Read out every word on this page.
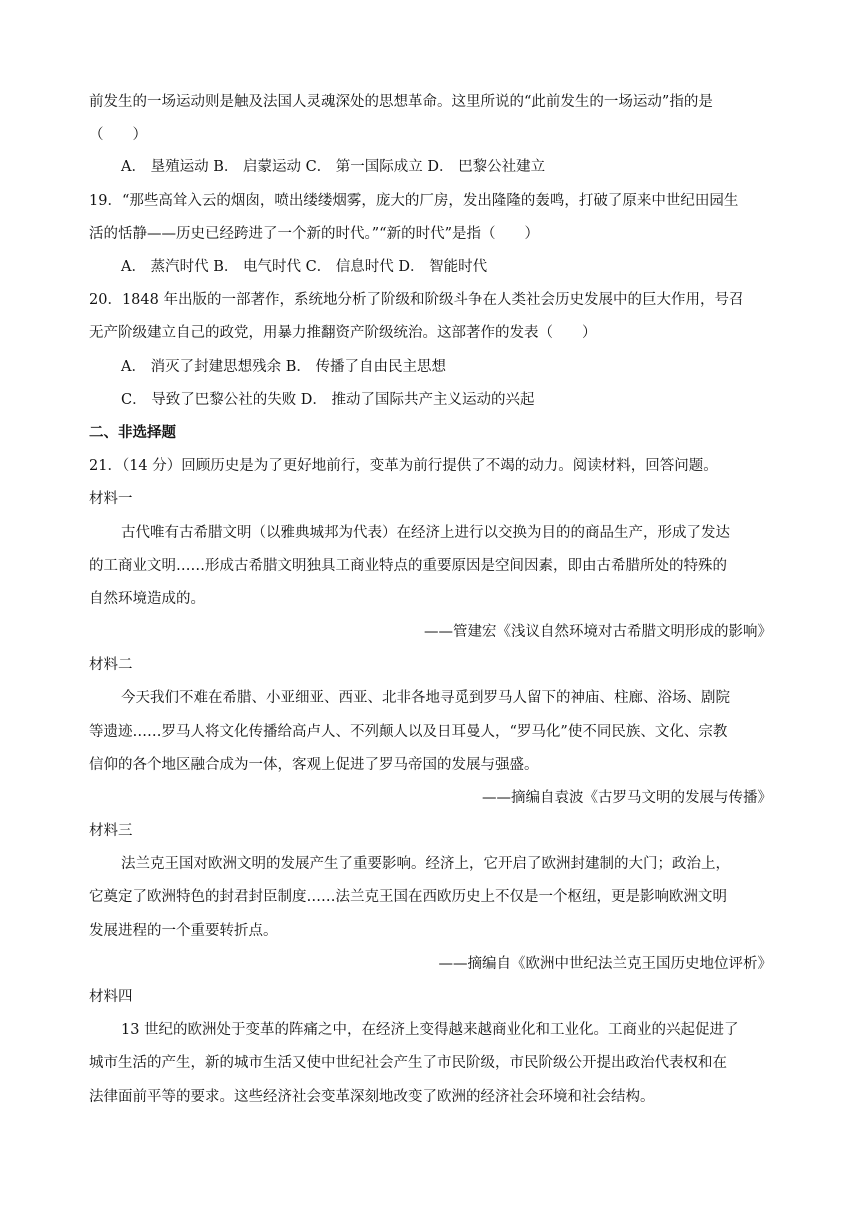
前发生的一场运动则是触及法国人灵魂深处的思想革命。这里所说的“此前发生的一场运动”指的是
（　　）
A． 垦殖运动 B． 启蒙运动 C． 第一国际成立 D． 巴黎公社建立
19．“那些高耸入云的烟囱，喷出缕缕烟雾，庞大的厂房，发出隆隆的轰鸣，打破了原来中世纪田园生
活的恬静——历史已经跨进了一个新的时代。”“新的时代”是指（　　）
A． 蒸汽时代 B． 电气时代 C． 信息时代 D． 智能时代
20．1848 年出版的一部著作，系统地分析了阶级和阶级斗争在人类社会历史发展中的巨大作用，号召
无产阶级建立自己的政党，用暴力推翻资产阶级统治。这部著作的发表（　　）
A． 消灭了封建思想残余 B． 传播了自由民主思想
C． 导致了巴黎公社的失败 D． 推动了国际共产主义运动的兴起
二、非选择题
21．（14 分）回顾历史是为了更好地前行，变革为前行提供了不竭的动力。阅读材料，回答问题。
材料一
古代唯有古希腊文明（以雅典城邦为代表）在经济上进行以交换为目的的商品生产，形成了发达
的工商业文明……形成古希腊文明独具工商业特点的重要原因是空间因素，即由古希腊所处的特殊的
自然环境造成的。
——管建宏《浅议自然环境对古希腊文明形成的影响》
材料二
今天我们不难在希腊、小亚细亚、西亚、北非各地寻觅到罗马人留下的神庙、柱廊、浴场、剧院
等遗迹……罗马人将文化传播给高卢人、不列颠人以及日耳曼人，“罗马化”使不同民族、文化、宗教
信仰的各个地区融合成为一体，客观上促进了罗马帝国的发展与强盛。
——摘编自袁波《古罗马文明的发展与传播》
材料三
法兰克王国对欧洲文明的发展产生了重要影响。经济上，它开启了欧洲封建制的大门；政治上，
它奠定了欧洲特色的封君封臣制度……法兰克王国在西欧历史上不仅是一个枢纽，更是影响欧洲文明
发展进程的一个重要转折点。
——摘编自《欧洲中世纪法兰克王国历史地位评析》
材料四
13 世纪的欧洲处于变革的阵痛之中，在经济上变得越来越商业化和工业化。工商业的兴起促进了
城市生活的产生，新的城市生活又使中世纪社会产生了市民阶级，市民阶级公开提出政治代表权和在
法律面前平等的要求。这些经济社会变革深刻地改变了欧洲的经济社会环境和社会结构。
